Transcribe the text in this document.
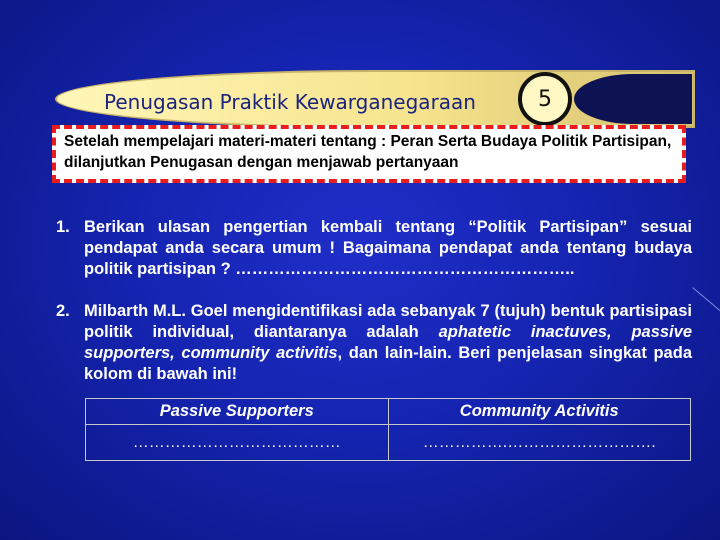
Penugasan Praktik Kewarganegaraan	5
Setelah mempelajari materi-materi tentang : Peran Serta Budaya Politik Partisipan, dilanjutkan Penugasan dengan menjawab pertanyaan
1. Berikan ulasan pengertian kembali tentang “Politik Partisipan” sesuai pendapat anda secara umum ! Bagaimana pendapat anda tentang budaya politik partisipan ? ……………………………………………………..
2. Milbarth M.L. Goel mengidentifikasi ada sebanyak 7 (tujuh) bentuk partisipasi politik individual, diantaranya adalah aphatetic inactuves, passive supporters, community activitis, dan lain-lain. Beri penjelasan singkat pada kolom di bawah ini!
Passive Supporters	Community Activitis
…………………………………	…………….……………………….
